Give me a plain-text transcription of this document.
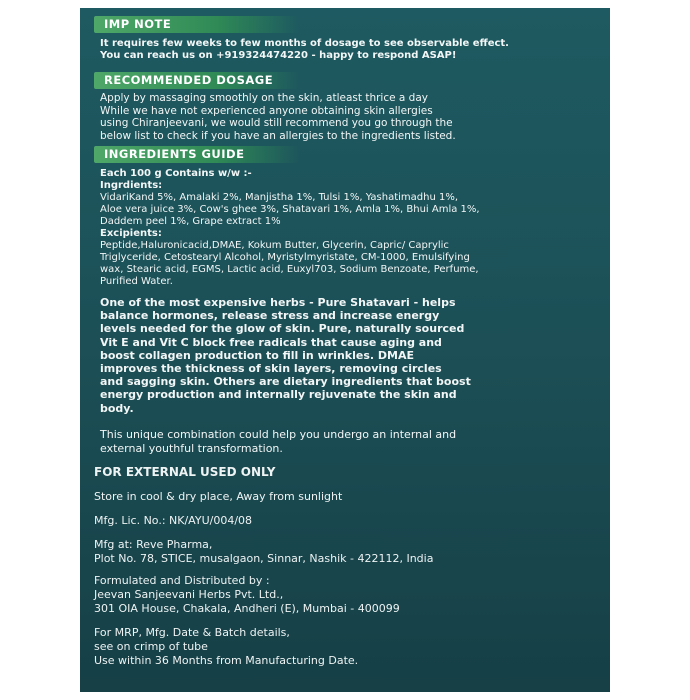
IMP NOTE
It requires few weeks to few months of dosage to see observable effect.
You can reach us on +919324474220 - happy to respond ASAP!
RECOMMENDED DOSAGE
Apply by massaging smoothly on the skin, atleast thrice a day
While we have not experienced anyone obtaining skin allergies
using Chiranjeevani, we would still recommend you go through the
below list to check if you have an allergies to the ingredients listed.
INGREDIENTS GUIDE
Each 100 g Contains w/w :-
Ingrdients:
VidariKand 5%, Amalaki 2%, Manjistha 1%, Tulsi 1%, Yashatimadhu 1%,
Aloe vera juice 3%, Cow's ghee 3%, Shatavari 1%, Amla 1%, Bhui Amla 1%,
Daddem peel 1%, Grape extract 1%
Excipients:
Peptide,Haluronicacid,DMAE, Kokum Butter, Glycerin, Capric/ Caprylic
Triglyceride, Cetostearyl Alcohol, Myristylmyristate, CM-1000, Emulsifying
wax, Stearic acid, EGMS, Lactic acid, Euxyl703, Sodium Benzoate, Perfume,
Purified Water.
One of the most expensive herbs - Pure Shatavari - helps
balance hormones, release stress and increase energy
levels needed for the glow of skin. Pure, naturally sourced
Vit E and Vit C block free radicals that cause aging and
boost collagen production to fill in wrinkles. DMAE
improves the thickness of skin layers, removing circles
and sagging skin. Others are dietary ingredients that boost
energy production and internally rejuvenate the skin and
body.
This unique combination could help you undergo an internal and
external youthful transformation.
FOR EXTERNAL USED ONLY
Store in cool & dry place, Away from sunlight
Mfg. Lic. No.: NK/AYU/004/08
Mfg at: Reve Pharma,
Plot No. 78, STICE, musalgaon, Sinnar, Nashik - 422112, India
Formulated and Distributed by :
Jeevan Sanjeevani Herbs Pvt. Ltd.,
301 OIA House, Chakala, Andheri (E), Mumbai - 400099
For MRP, Mfg. Date & Batch details,
see on crimp of tube
Use within 36 Months from Manufacturing Date.
